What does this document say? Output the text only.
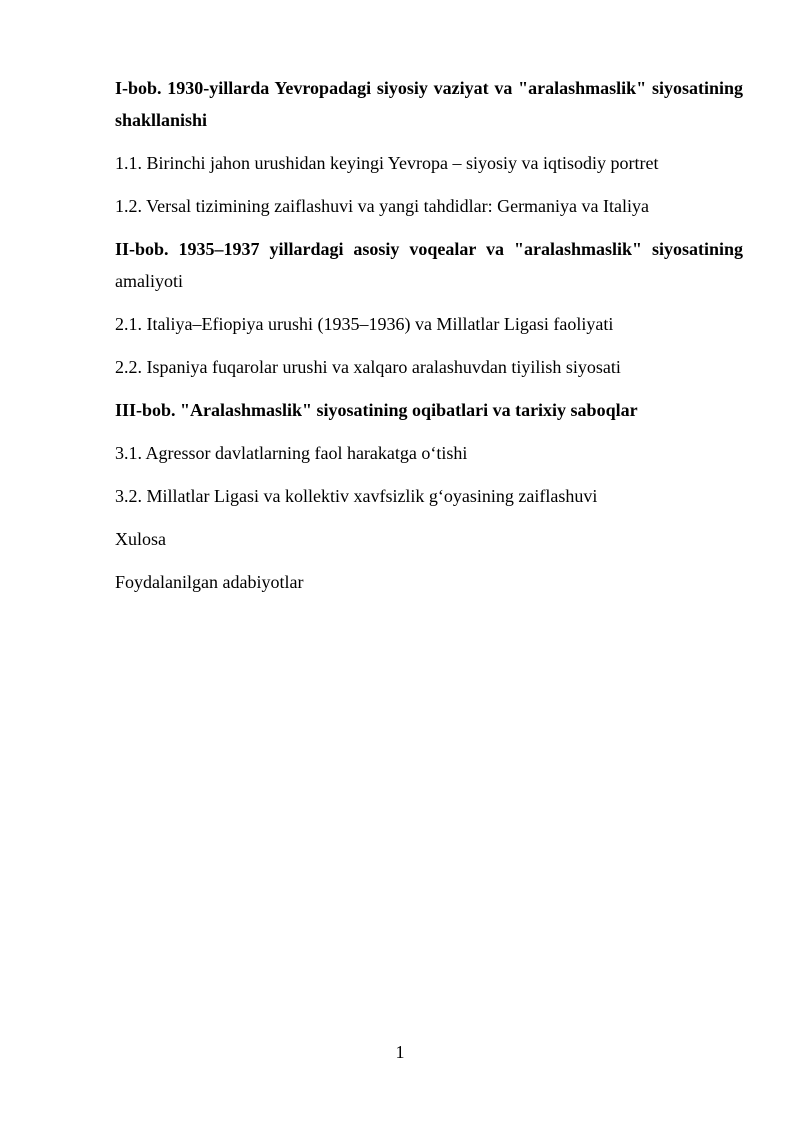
I-bob. 1930-yillarda Yevropadagi siyosiy vaziyat va "aralashmaslik" siyosatining shakllanishi

1.1. Birinchi jahon urushidan keyingi Yevropa – siyosiy va iqtisodiy portret

1.2. Versal tizimining zaiflashuvi va yangi tahdidlar: Germaniya va Italiya

II-bob. 1935–1937 yillardagi asosiy voqealar va "aralashmaslik" siyosatining amaliyoti

2.1. Italiya–Efiopiya urushi (1935–1936) va Millatlar Ligasi faoliyati

2.2. Ispaniya fuqarolar urushi va xalqaro aralashuvdan tiyilish siyosati

III-bob. "Aralashmaslik" siyosatining oqibatlari va tarixiy saboqlar

3.1. Agressor davlatlarning faol harakatga o‘tishi

3.2. Millatlar Ligasi va kollektiv xavfsizlik g‘oyasining zaiflashuvi

Xulosa

Foydalanilgan adabiyotlar

1
